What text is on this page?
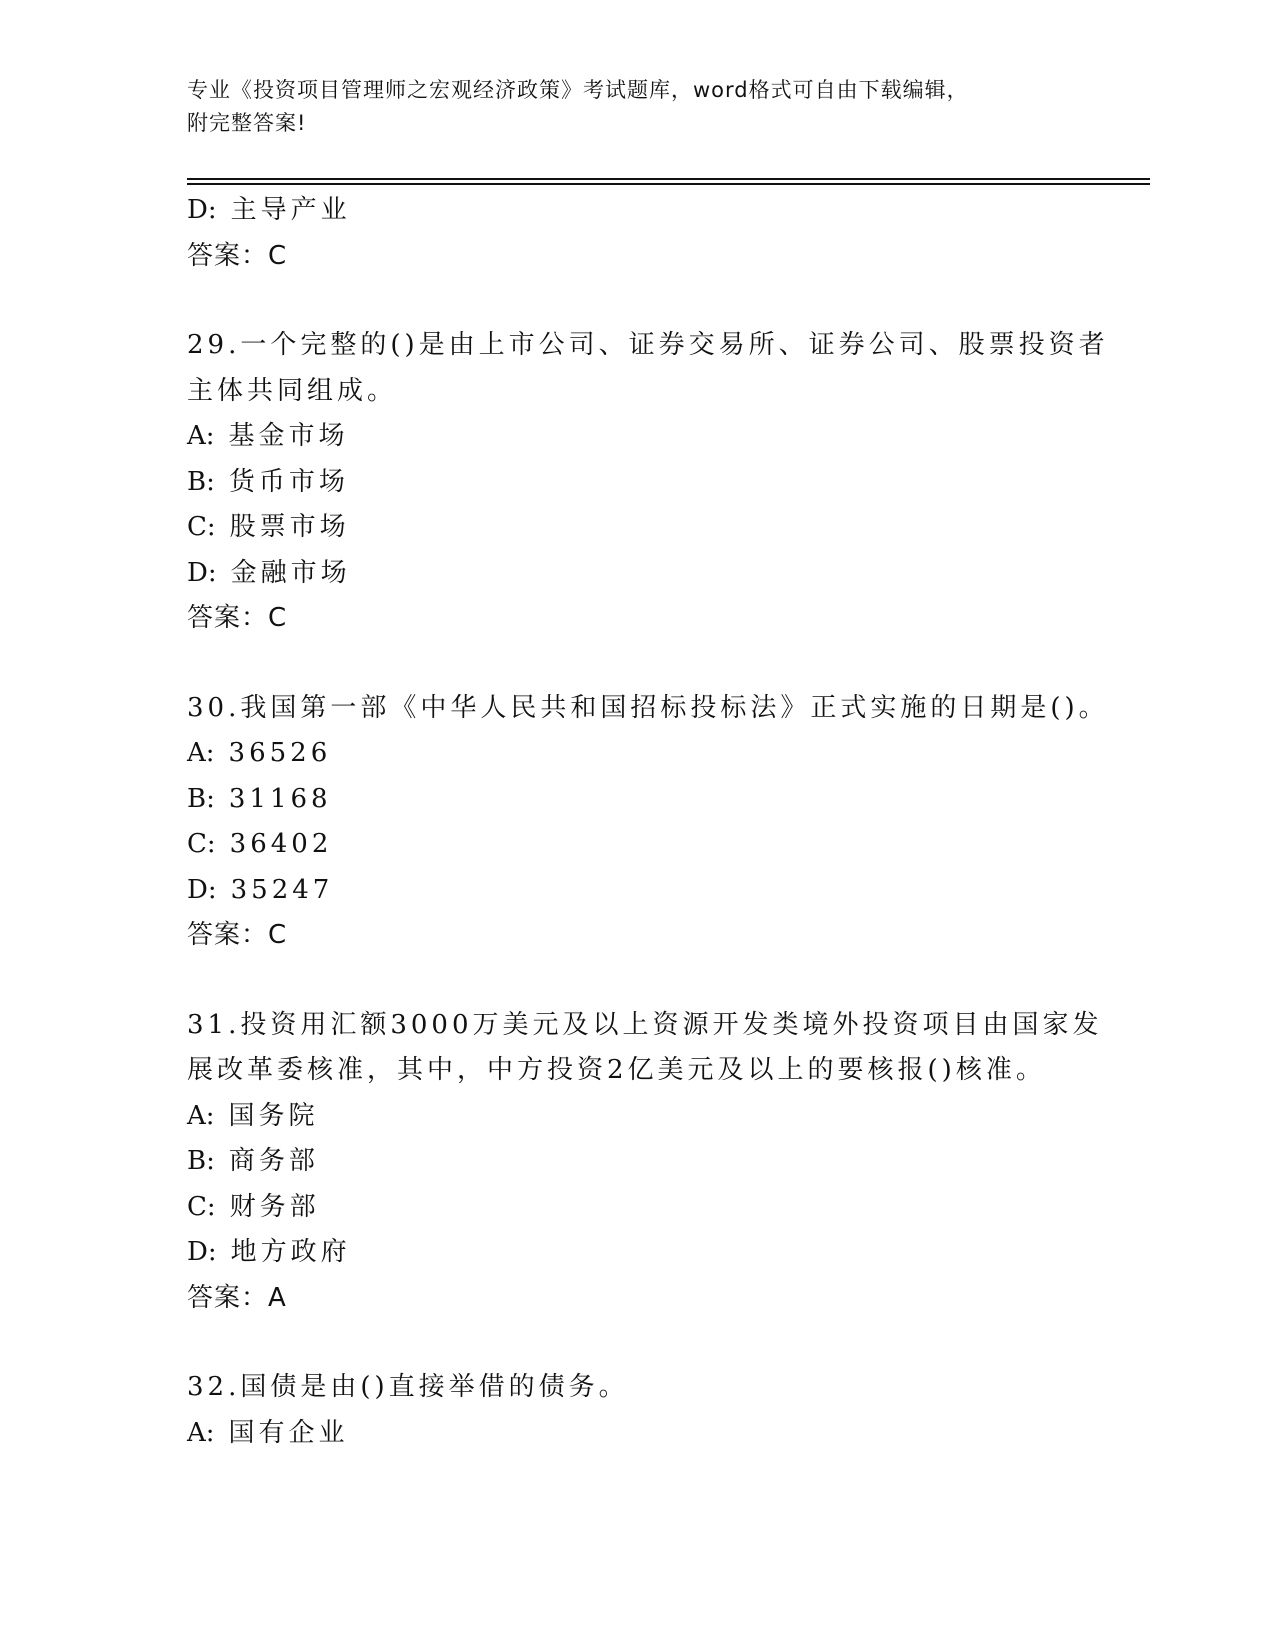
专业《投资项目管理师之宏观经济政策》考试题库，word格式可自由下载编辑，
附完整答案!
D: 主导产业
答案：C
29.一个完整的()是由上市公司、证券交易所、证券公司、股票投资者
主体共同组成。
A: 基金市场
B: 货币市场
C: 股票市场
D: 金融市场
答案：C
30.我国第一部《中华人民共和国招标投标法》正式实施的日期是()。
A: 36526
B: 31168
C: 36402
D: 35247
答案：C
31.投资用汇额3000万美元及以上资源开发类境外投资项目由国家发
展改革委核准，其中，中方投资2亿美元及以上的要核报()核准。
A: 国务院
B: 商务部
C: 财务部
D: 地方政府
答案：A
32.国债是由()直接举借的债务。
A: 国有企业
